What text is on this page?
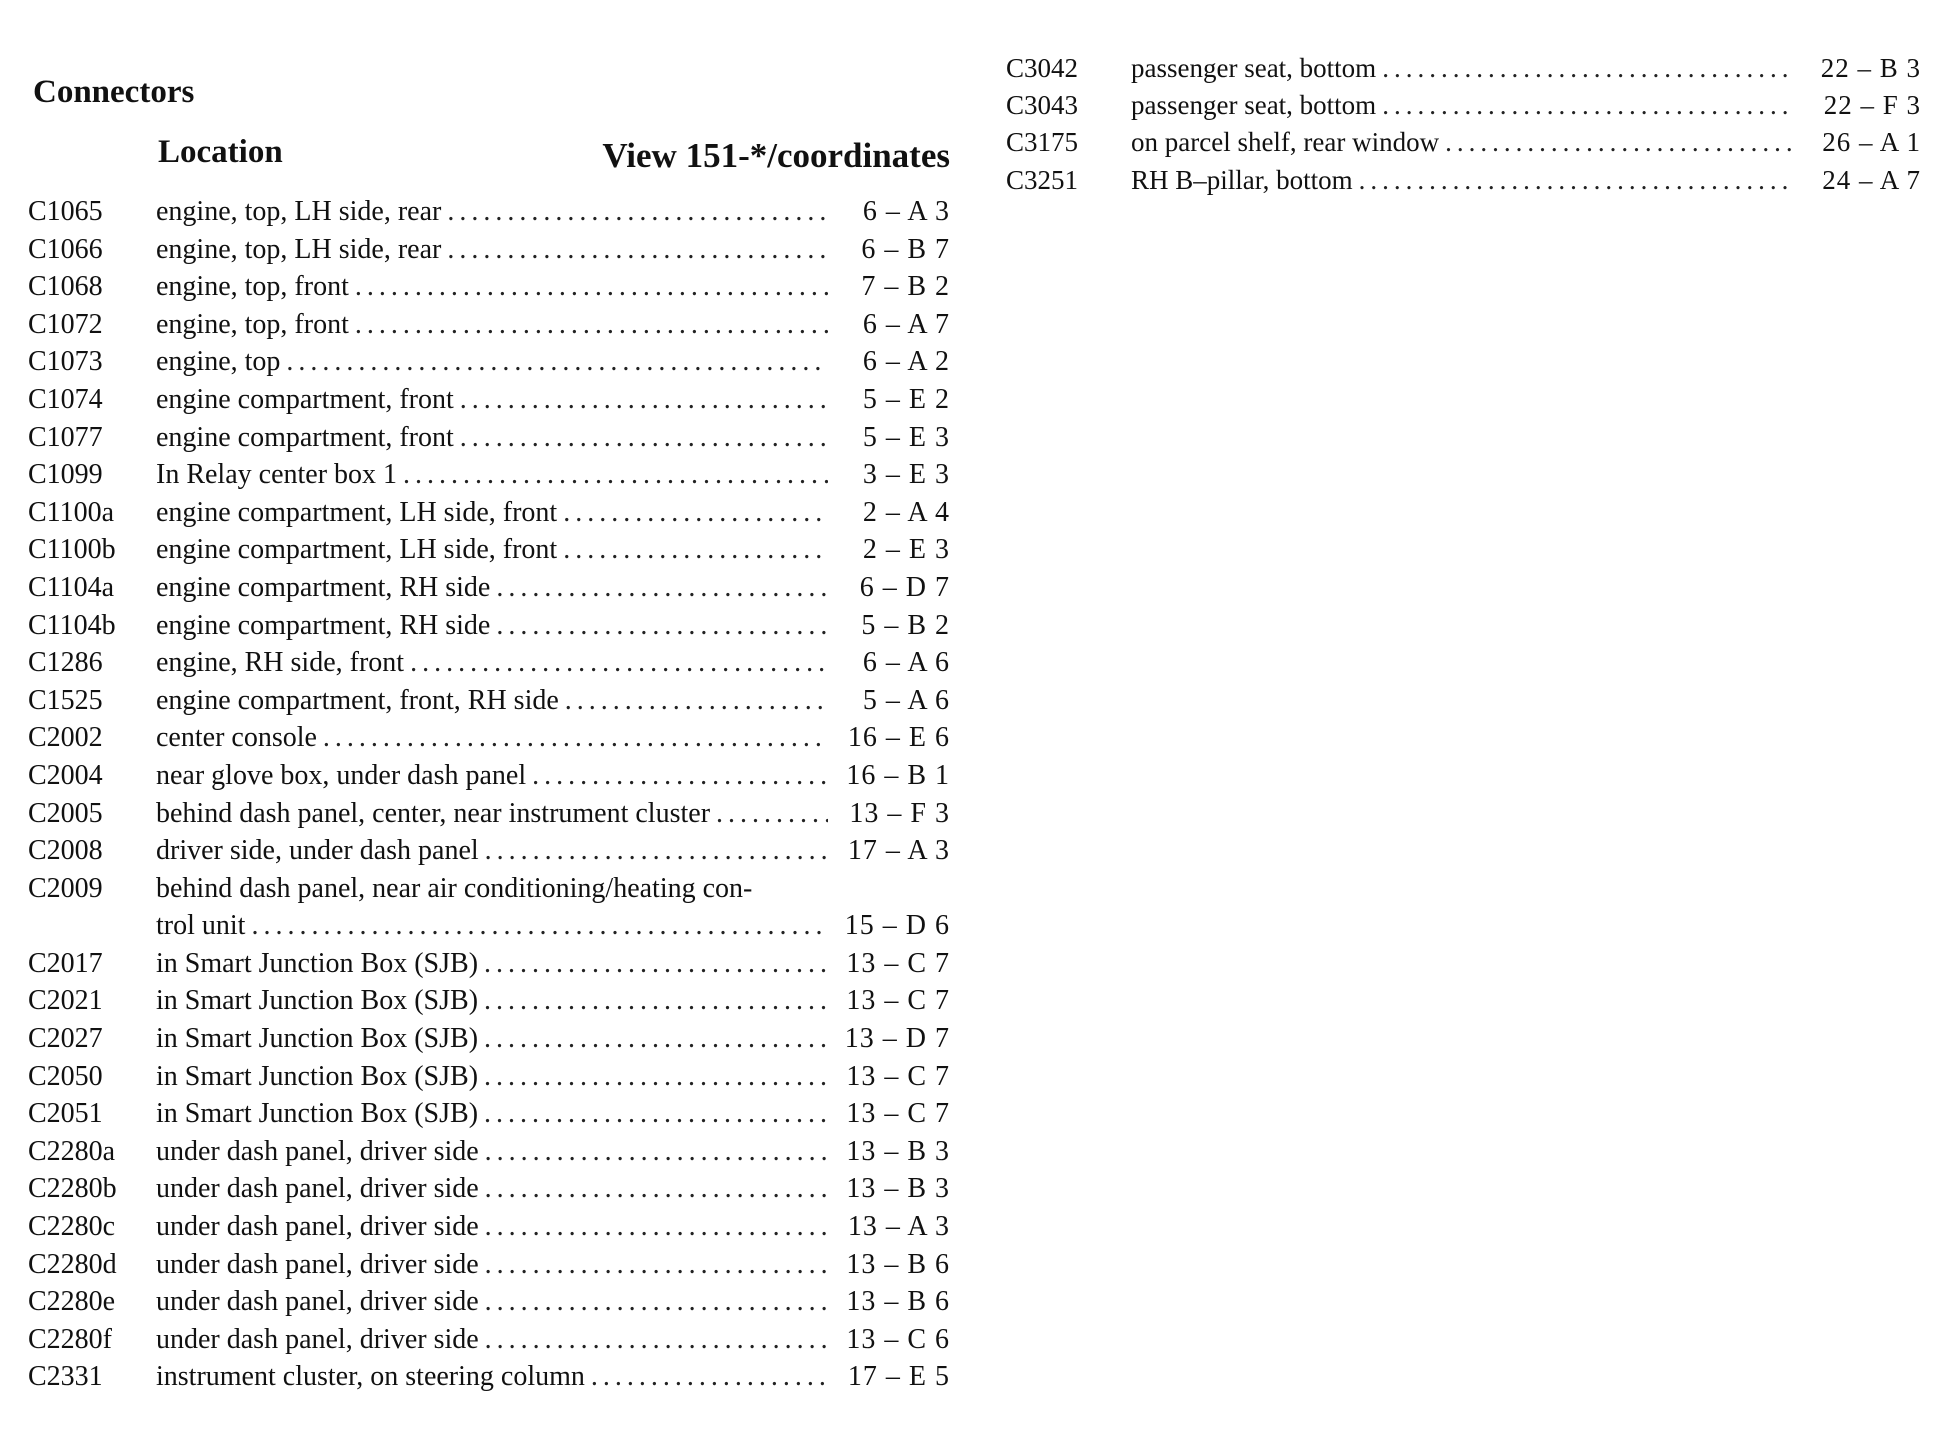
Connectors
Location	View 151-*/coordinates
C1065	engine, top, LH side, rear .....	6 – A 3
C1066	engine, top, LH side, rear .....	6 – B 7
C1068	engine, top, front .....	7 – B 2
C1072	engine, top, front .....	6 – A 7
C1073	engine, top .....	6 – A 2
C1074	engine compartment, front .....	5 – E 2
C1077	engine compartment, front .....	5 – E 3
C1099	In Relay center box 1 .....	3 – E 3
C1100a	engine compartment, LH side, front .....	2 – A 4
C1100b	engine compartment, LH side, front .....	2 – E 3
C1104a	engine compartment, RH side .....	6 – D 7
C1104b	engine compartment, RH side .....	5 – B 2
C1286	engine, RH side, front .....	6 – A 6
C1525	engine compartment, front, RH side .....	5 – A 6
C2002	center console .....	16 – E 6
C2004	near glove box, under dash panel .....	16 – B 1
C2005	behind dash panel, center, near instrument cluster .....	13 – F 3
C2008	driver side, under dash panel .....	17 – A 3
C2009	behind dash panel, near air conditioning/heating con-
trol unit .....	15 – D 6
C2017	in Smart Junction Box (SJB) .....	13 – C 7
C2021	in Smart Junction Box (SJB) .....	13 – C 7
C2027	in Smart Junction Box (SJB) .....	13 – D 7
C2050	in Smart Junction Box (SJB) .....	13 – C 7
C2051	in Smart Junction Box (SJB) .....	13 – C 7
C2280a	under dash panel, driver side .....	13 – B 3
C2280b	under dash panel, driver side .....	13 – B 3
C2280c	under dash panel, driver side .....	13 – A 3
C2280d	under dash panel, driver side .....	13 – B 6
C2280e	under dash panel, driver side .....	13 – B 6
C2280f	under dash panel, driver side .....	13 – C 6
C2331	instrument cluster, on steering column .....	17 – E 5
C3042	passenger seat, bottom .....	22 – B 3
C3043	passenger seat, bottom .....	22 – F 3
C3175	on parcel shelf, rear window .....	26 – A 1
C3251	RH B–pillar, bottom .....	24 – A 7
